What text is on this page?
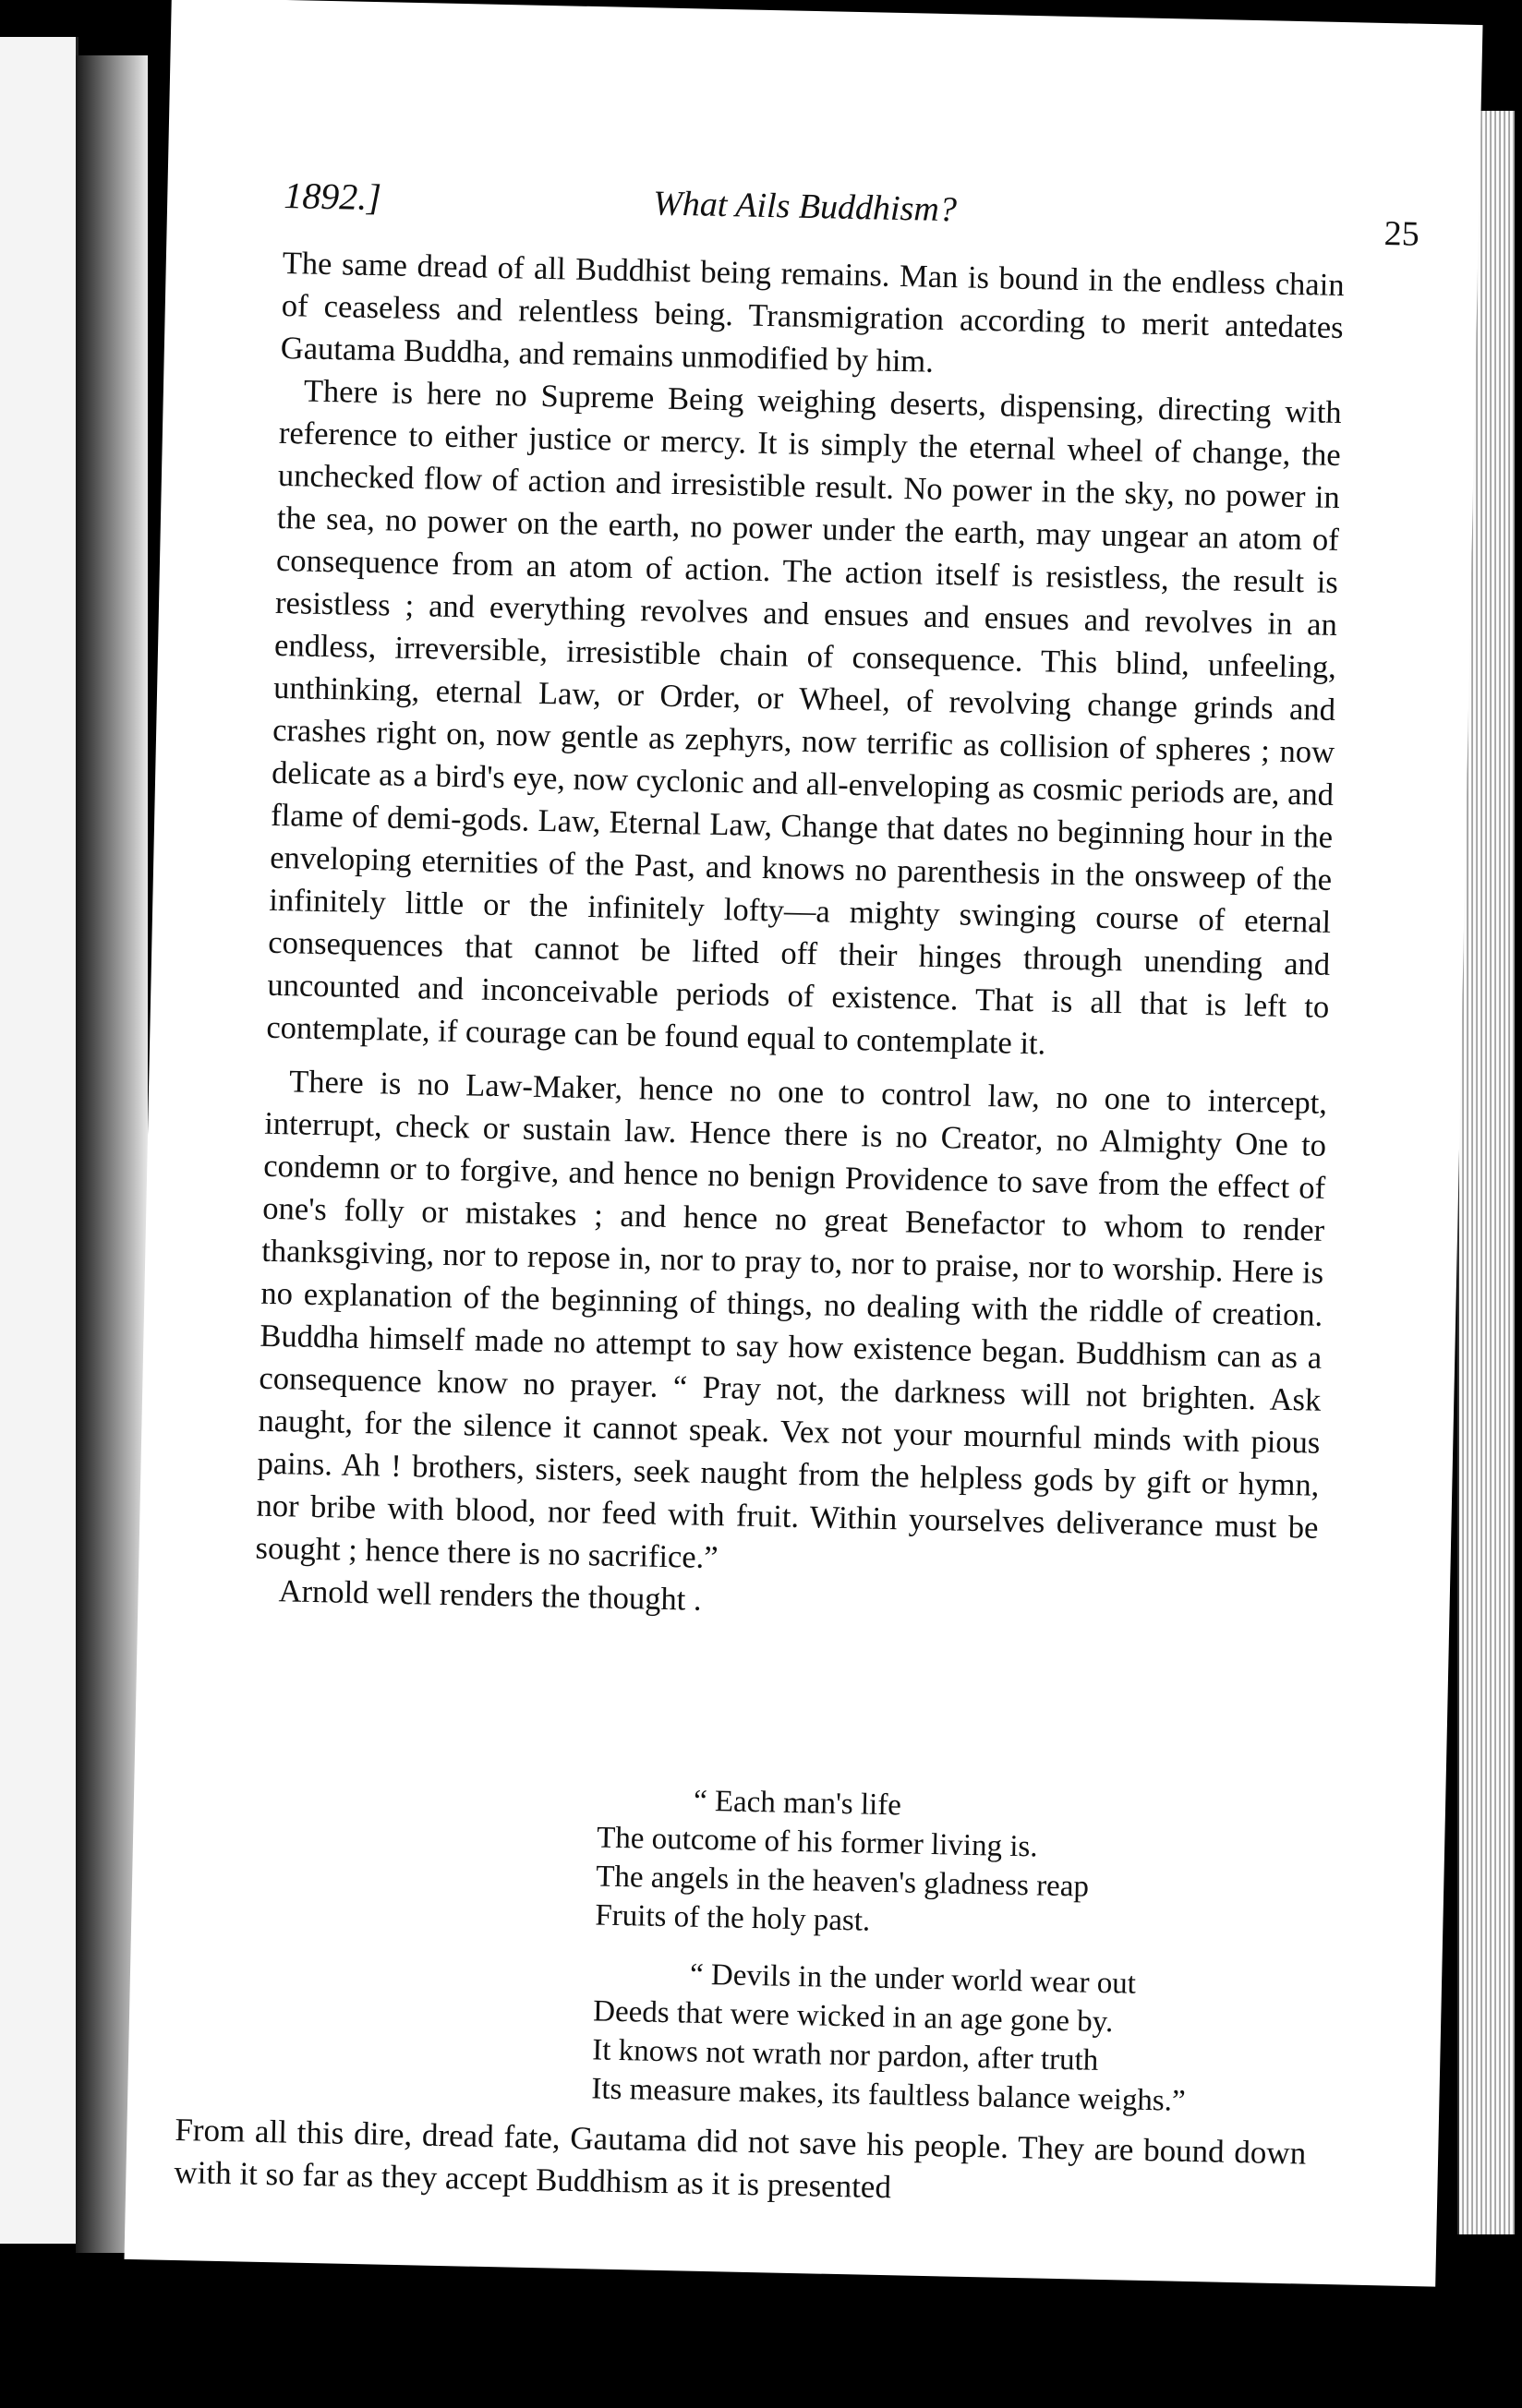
1892.]	What Ails Buddhism?
25

The same dread of all Buddhist being remains. Man is bound in the endless chain of ceaseless and relentless being. Transmigration according to merit antedates Gautama Buddha, and remains unmodified by him.

There is here no Supreme Being weighing deserts, dispensing, directing with reference to either justice or mercy. It is simply the eternal wheel of change, the unchecked flow of action and irresistible result. No power in the sky, no power in the sea, no power on the earth, no power under the earth, may ungear an atom of consequence from an atom of action. The action itself is resistless, the result is resistless ; and everything revolves and ensues and ensues and revolves in an endless, irreversible, irresistible chain of consequence. This blind, unfeeling, unthinking, eternal Law, or Order, or Wheel, of revolving change grinds and crashes right on, now gentle as zephyrs, now terrific as collision of spheres ; now delicate as a bird's eye, now cyclonic and all-enveloping as cosmic periods are, and flame of demi-gods. Law, Eternal Law, Change that dates no beginning hour in the enveloping eternities of the Past, and knows no parenthesis in the onsweep of the infinitely little or the infinitely lofty—a mighty swinging course of eternal consequences that cannot be lifted off their hinges through unending and uncounted and inconceivable periods of existence. That is all that is left to contemplate, if courage can be found equal to contemplate it.

There is no Law-Maker, hence no one to control law, no one to intercept, interrupt, check or sustain law. Hence there is no Creator, no Almighty One to condemn or to forgive, and hence no benign Providence to save from the effect of one's folly or mistakes ; and hence no great Benefactor to whom to render thanksgiving, nor to repose in, nor to pray to, nor to praise, nor to worship. Here is no explanation of the beginning of things, no dealing with the riddle of creation. Buddha himself made no attempt to say how existence began. Buddhism can as a consequence know no prayer. “ Pray not, the darkness will not brighten. Ask naught, for the silence it cannot speak. Vex not your mournful minds with pious pains. Ah ! brothers, sisters, seek naught from the helpless gods by gift or hymn, nor bribe with blood, nor feed with fruit. Within yourselves deliverance must be sought ; hence there is no sacrifice.”

Arnold well renders the thought .

“ Each man's life
The outcome of his former living is.
The angels in the heaven's gladness reap
Fruits of the holy past.
“ Devils in the under world wear out
Deeds that were wicked in an age gone by.
It knows not wrath nor pardon, after truth
Its measure makes, its faultless balance weighs.”

From all this dire, dread fate, Gautama did not save his people. They are bound down with it so far as they accept Buddhism as it is presented
